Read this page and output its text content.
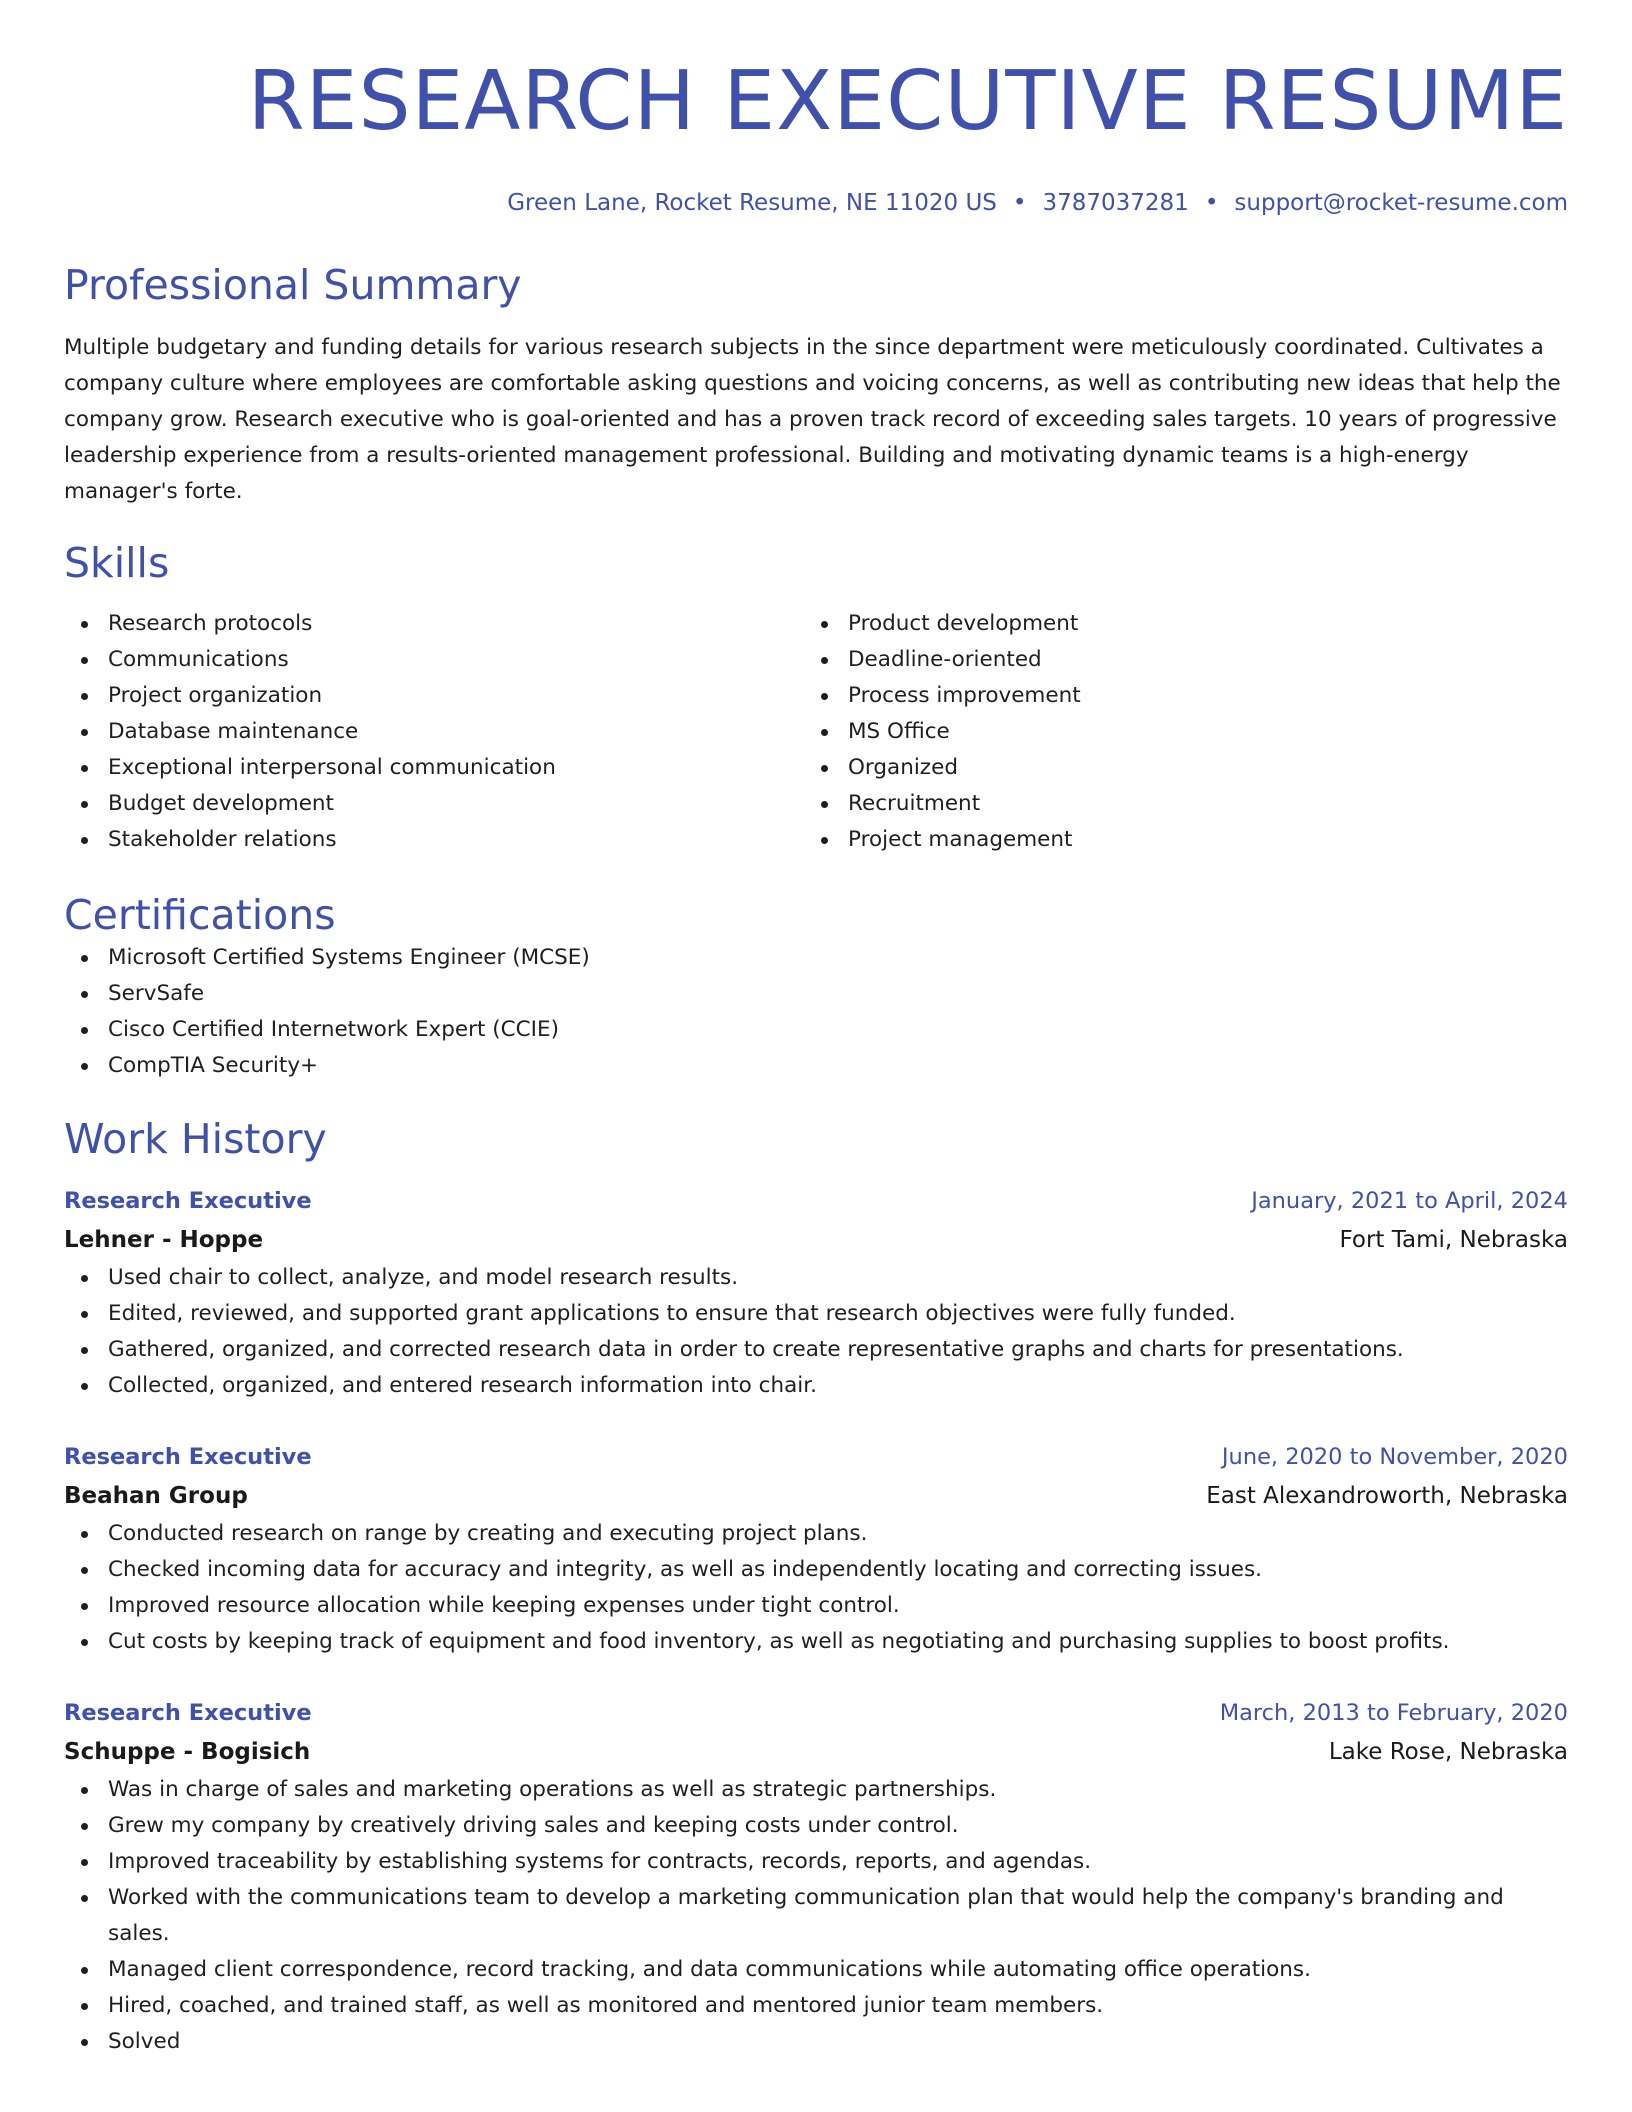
RESEARCH EXECUTIVE RESUME
Green Lane, Rocket Resume, NE 11020 US • 3787037281 • support@rocket-resume.com
Professional Summary
Multiple budgetary and funding details for various research subjects in the since department were meticulously coordinated. Cultivates a company culture where employees are comfortable asking questions and voicing concerns, as well as contributing new ideas that help the company grow. Research executive who is goal-oriented and has a proven track record of exceeding sales targets. 10 years of progressive leadership experience from a results-oriented management professional. Building and motivating dynamic teams is a high-energy manager's forte.
Skills
Research protocols
Communications
Project organization
Database maintenance
Exceptional interpersonal communication
Budget development
Stakeholder relations
Product development
Deadline-oriented
Process improvement
MS Office
Organized
Recruitment
Project management
Certifications
Microsoft Certified Systems Engineer (MCSE)
ServSafe
Cisco Certified Internetwork Expert (CCIE)
CompTIA Security+
Work History
Research Executive	January, 2021 to April, 2024
Lehner - Hoppe	Fort Tami, Nebraska
Used chair to collect, analyze, and model research results.
Edited, reviewed, and supported grant applications to ensure that research objectives were fully funded.
Gathered, organized, and corrected research data in order to create representative graphs and charts for presentations.
Collected, organized, and entered research information into chair.
Research Executive	June, 2020 to November, 2020
Beahan Group	East Alexandroworth, Nebraska
Conducted research on range by creating and executing project plans.
Checked incoming data for accuracy and integrity, as well as independently locating and correcting issues.
Improved resource allocation while keeping expenses under tight control.
Cut costs by keeping track of equipment and food inventory, as well as negotiating and purchasing supplies to boost profits.
Research Executive	March, 2013 to February, 2020
Schuppe - Bogisich	Lake Rose, Nebraska
Was in charge of sales and marketing operations as well as strategic partnerships.
Grew my company by creatively driving sales and keeping costs under control.
Improved traceability by establishing systems for contracts, records, reports, and agendas.
Worked with the communications team to develop a marketing communication plan that would help the company's branding and sales.
Managed client correspondence, record tracking, and data communications while automating office operations.
Hired, coached, and trained staff, as well as monitored and mentored junior team members.
Solved
